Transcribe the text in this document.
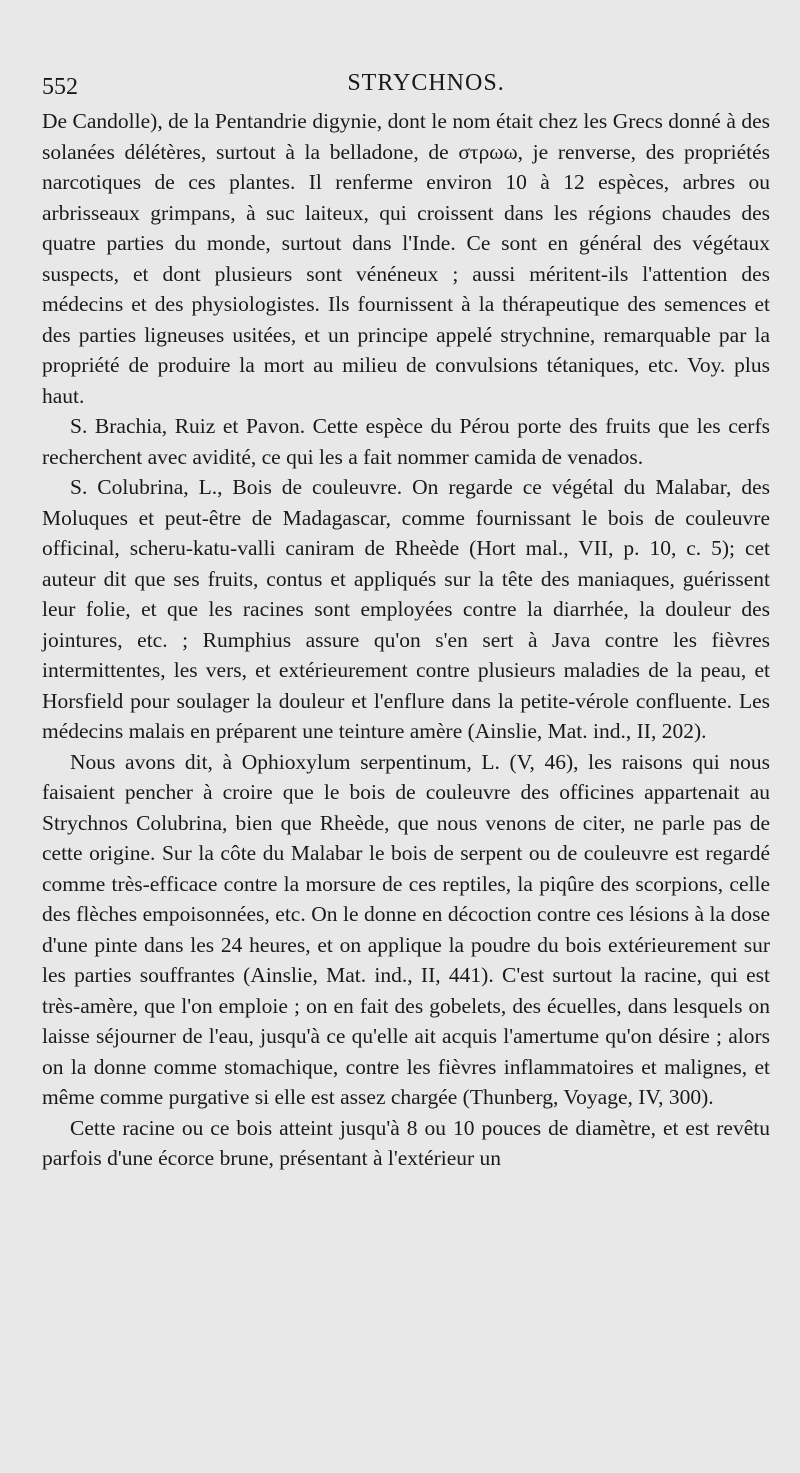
552	STRYCHNOS.

De Candolle), de la Pentandrie digynie, dont le nom était chez les Grecs donné à des solanées délétères, surtout à la belladone, de στρωω, je renverse, des propriétés narcotiques de ces plantes. Il renferme environ 10 à 12 espèces, arbres ou arbrisseaux grimpans, à suc laiteux, qui croissent dans les régions chaudes des quatre parties du monde, surtout dans l'Inde. Ce sont en général des végétaux suspects, et dont plusieurs sont vénéneux ; aussi méritent-ils l'attention des médecins et des physiologistes. Ils fournissent à la thérapeutique des semences et des parties ligneuses usitées, et un principe appelé strychnine, remarquable par la propriété de produire la mort au milieu de convulsions tétaniques, etc. Voy. plus haut.

S. Brachia, Ruiz et Pavon. Cette espèce du Pérou porte des fruits que les cerfs recherchent avec avidité, ce qui les a fait nommer camida de venados.

S. Colubrina, L., Bois de couleuvre. On regarde ce végétal du Malabar, des Moluques et peut-être de Madagascar, comme fournissant le bois de couleuvre officinal, scheru-katu-valli caniram de Rheède (Hort mal., VII, p. 10, c. 5); cet auteur dit que ses fruits, contus et appliqués sur la tête des maniaques, guérissent leur folie, et que les racines sont employées contre la diarrhée, la douleur des jointures, etc. ; Rumphius assure qu'on s'en sert à Java contre les fièvres intermittentes, les vers, et extérieurement contre plusieurs maladies de la peau, et Horsfield pour soulager la douleur et l'enflure dans la petite-vérole confluente. Les médecins malais en préparent une teinture amère (Ainslie, Mat. ind., II, 202).

Nous avons dit, à Ophioxylum serpentinum, L. (V, 46), les raisons qui nous faisaient pencher à croire que le bois de couleuvre des officines appartenait au Strychnos Colubrina, bien que Rheède, que nous venons de citer, ne parle pas de cette origine. Sur la côte du Malabar le bois de serpent ou de couleuvre est regardé comme très-efficace contre la morsure de ces reptiles, la piqûre des scorpions, celle des flèches empoisonnées, etc. On le donne en décoction contre ces lésions à la dose d'une pinte dans les 24 heures, et on applique la poudre du bois extérieurement sur les parties souffrantes (Ainslie, Mat. ind., II, 441). C'est surtout la racine, qui est très-amère, que l'on emploie ; on en fait des gobelets, des écuelles, dans lesquels on laisse séjourner de l'eau, jusqu'à ce qu'elle ait acquis l'amertume qu'on désire ; alors on la donne comme stomachique, contre les fièvres inflammatoires et malignes, et même comme purgative si elle est assez chargée (Thunberg, Voyage, IV, 300).

Cette racine ou ce bois atteint jusqu'à 8 ou 10 pouces de diamètre, et est revêtu parfois d'une écorce brune, présentant à l'extérieur un
